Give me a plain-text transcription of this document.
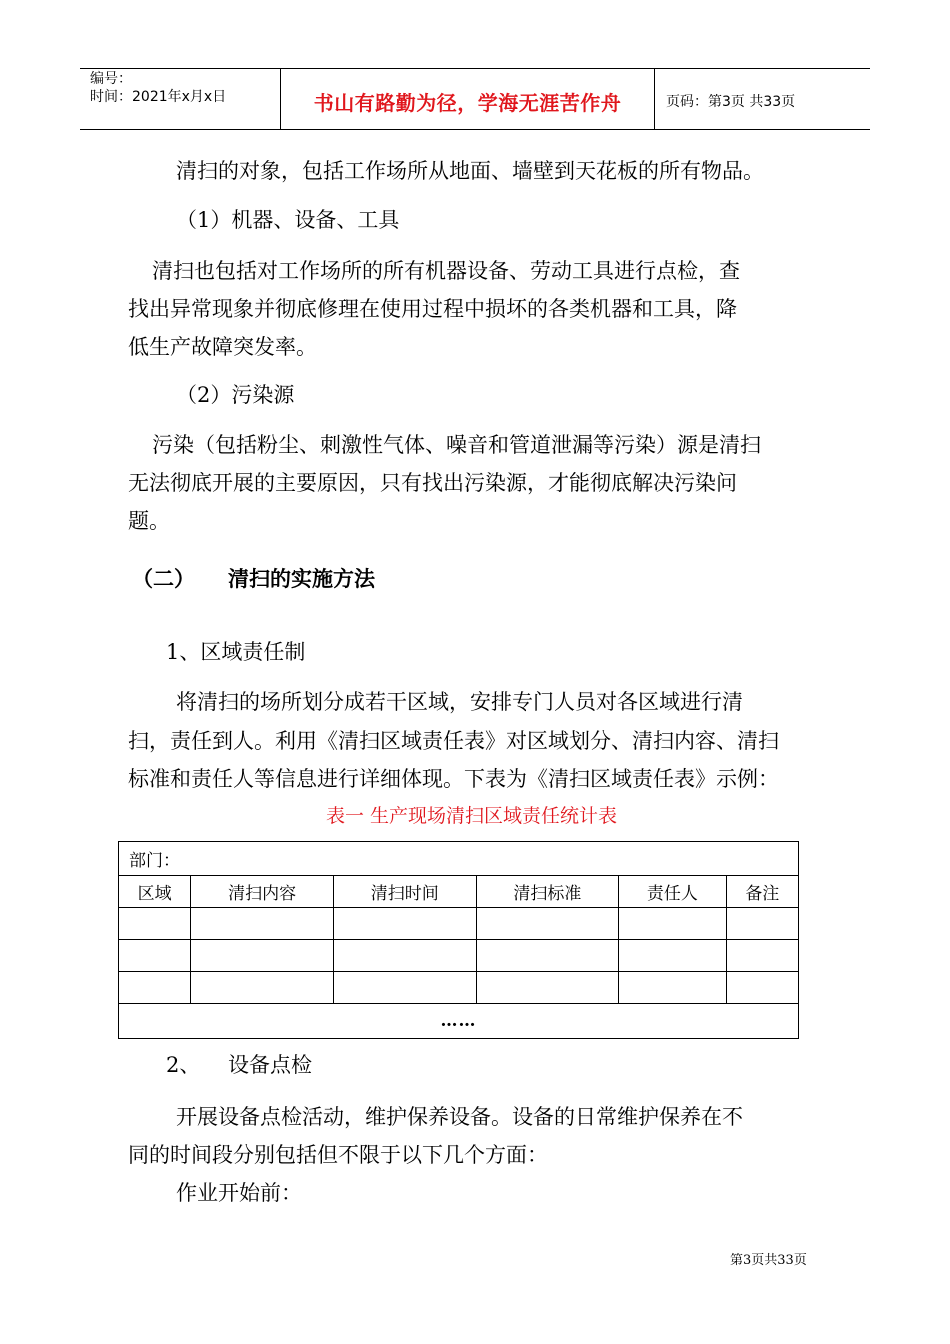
编号：
时间：2021年x月x日	书山有路勤为径，学海无涯苦作舟	页码：第3页 共33页
清扫的对象，包括工作场所从地面、墙壁到天花板的所有物品。
（1）机器、设备、工具
清扫也包括对工作场所的所有机器设备、劳动工具进行点检，查
找出异常现象并彻底修理在使用过程中损坏的各类机器和工具，降
低生产故障突发率。
（2）污染源
污染（包括粉尘、刺激性气体、噪音和管道泄漏等污染）源是清扫
无法彻底开展的主要原因，只有找出污染源，才能彻底解决污染问
题。
（二） 清扫的实施方法
1、区域责任制
将清扫的场所划分成若干区域，安排专门人员对各区域进行清
扫，责任到人。利用《清扫区域责任表》对区域划分、清扫内容、清扫
标准和责任人等信息进行详细体现。下表为《清扫区域责任表》示例：
表一 生产现场清扫区域责任统计表
部门：					
区域	清扫内容	清扫时间	清扫标准	责任人	备注

……					
2、 设备点检
开展设备点检活动，维护保养设备。设备的日常维护保养在不
同的时间段分别包括但不限于以下几个方面：
作业开始前：
第3页共33页
